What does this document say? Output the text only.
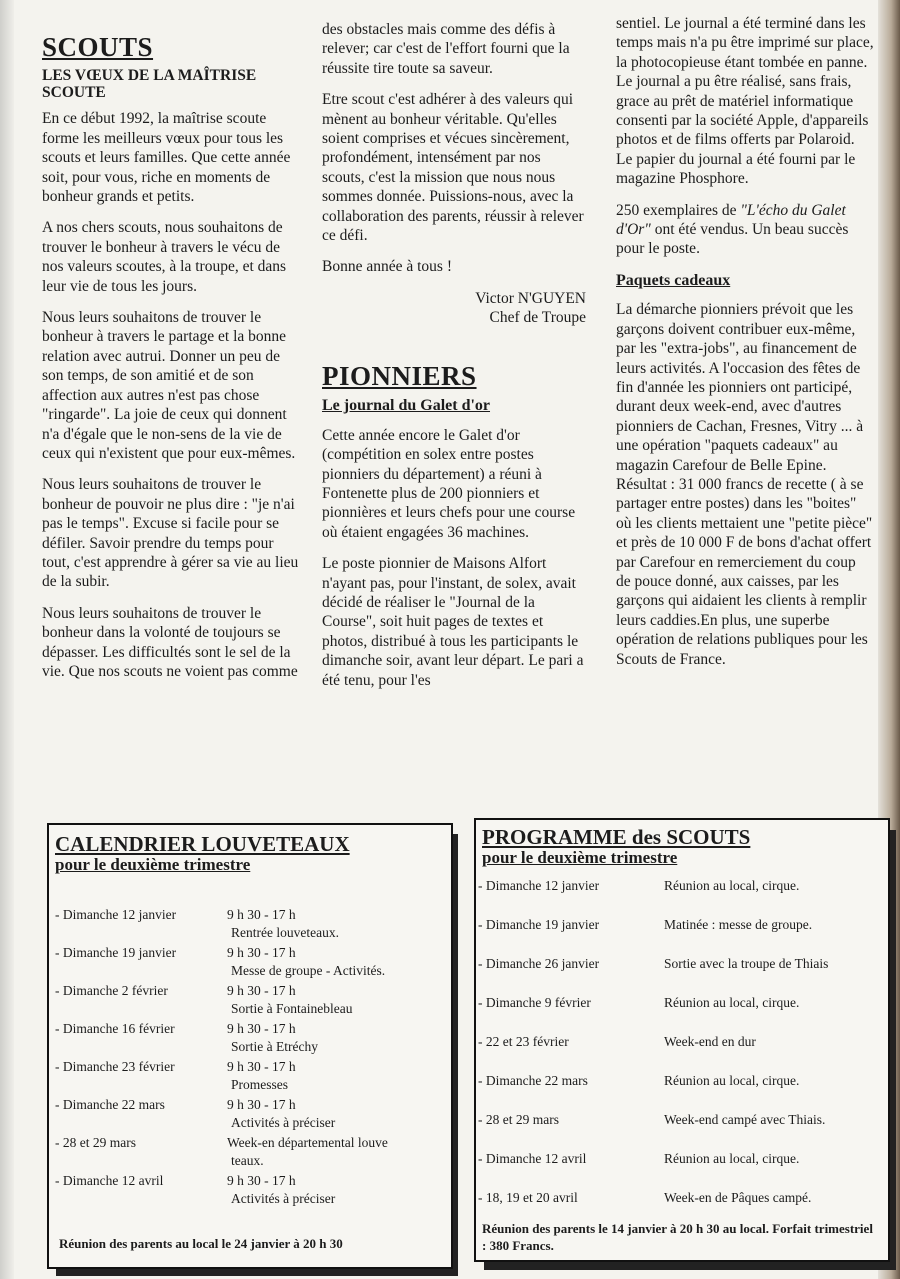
SCOUTS
LES VŒUX DE LA MAÎTRISE SCOUTE

En ce début 1992, la maîtrise scoute forme les meilleurs vœux pour tous les scouts et leurs familles. Que cette année soit, pour vous, riche en moments de bonheur grands et petits.

A nos chers scouts, nous souhaitons de trouver le bonheur à travers le vécu de nos valeurs scoutes, à la troupe, et dans leur vie de tous les jours.

Nous leurs souhaitons de trouver le bonheur à travers le partage et la bonne relation avec autrui. Donner un peu de son temps, de son amitié et de son affection aux autres n'est pas chose "ringarde". La joie de ceux qui donnent n'a d'égale que le non-sens de la vie de ceux qui n'existent que pour eux-mêmes.

Nous leurs souhaitons de trouver le bonheur de pouvoir ne plus dire : "je n'ai pas le temps". Excuse si facile pour se défiler. Savoir prendre du temps pour tout, c'est apprendre à gérer sa vie au lieu de la subir.

Nous leurs souhaitons de trouver le bonheur dans la volonté de toujours se dépasser. Les difficultés sont le sel de la vie. Que nos scouts ne voient pas comme

des obstacles mais comme des défis à relever; car c'est de l'effort fourni que la réussite tire toute sa saveur.

Etre scout c'est adhérer à des valeurs qui mènent au bonheur véritable. Qu'elles soient comprises et vécues sincèrement, profondément, intensément par nos scouts, c'est la mission que nous nous sommes donnée. Puissions-nous, avec la collaboration des parents, réussir à relever ce défi.

Bonne année à tous !

Victor N'GUYEN
Chef de Troupe
PIONNIERS
Le journal du Galet d'or

Cette année encore le Galet d'or (compétition en solex entre postes pionniers du département) a réuni à Fontenette plus de 200 pionniers et pionnières et leurs chefs pour une course où étaient engagées 36 machines.

Le poste pionnier de Maisons Alfort n'ayant pas, pour l'instant, de solex, avait décidé de réaliser le "Journal de la Course", soit huit pages de textes et photos, distribué à tous les participants le dimanche soir, avant leur départ. Le pari a été tenu, pour l'es

sentiel. Le journal a été terminé dans les temps mais n'a pu être imprimé sur place, la photocopieuse étant tombée en panne. Le journal a pu être réalisé, sans frais, grace au prêt de matériel informatique consenti par la société Apple, d'appareils photos et de films offerts par Polaroid. Le papier du journal a été fourni par le magazine Phosphore.

250 exemplaires de "L'écho du Galet d'Or" ont été vendus. Un beau succès pour le poste.

Paquets cadeaux

La démarche pionniers prévoit que les garçons doivent contribuer eux-même, par les "extra-jobs", au financement de leurs activités. A l'occasion des fêtes de fin d'année les pionniers ont participé, durant deux week-end, avec d'autres pionniers de Cachan, Fresnes, Vitry ... à une opération "paquets cadeaux" au magazin Carefour de Belle Epine. Résultat : 31 000 francs de recette ( à se partager entre postes) dans les "boites" où les clients mettaient une "petite pièce" et près de 10 000 F de bons d'achat offert par Carefour en remerciement du coup de pouce donné, aux caisses, par les garçons qui aidaient les clients à remplir leurs caddies.En plus, une superbe opération de relations publiques pour les Scouts de France.

CALENDRIER LOUVETEAUX
pour le deuxième trimestre
- Dimanche 12 janvier	9 h 30 - 17 h
Rentrée louveteaux.
- Dimanche 19 janvier	9 h 30 - 17 h
Messe de groupe - Activités.
- Dimanche 2 février	9 h 30 - 17 h
Sortie à Fontainebleau
- Dimanche 16 février	9 h 30 - 17 h
Sortie à Etréchy
- Dimanche 23 février	9 h 30 - 17 h
Promesses
- Dimanche 22 mars	9 h 30 - 17 h
Activités à préciser
- 28 et 29 mars	Week-en départemental louve
teaux.
- Dimanche 12 avril	9 h 30 - 17 h
Activités à préciser
Réunion des parents au local le 24 janvier à 20 h 30
PROGRAMME des SCOUTS
pour le deuxième trimestre
- Dimanche 12 janvier	Réunion au local, cirque.
- Dimanche 19 janvier	Matinée : messe de groupe.
- Dimanche 26 janvier	Sortie avec la troupe de Thiais
- Dimanche 9 février	Réunion au local, cirque.
- 22 et 23 février	Week-end en dur
- Dimanche 22 mars	Réunion au local, cirque.
- 28 et 29 mars	Week-end campé avec Thiais.
- Dimanche 12 avril	Réunion au local, cirque.
- 18, 19 et 20 avril	Week-en de Pâques campé.
Réunion des parents le 14 janvier à 20 h 30 au local. Forfait trimestriel : 380 Francs.
